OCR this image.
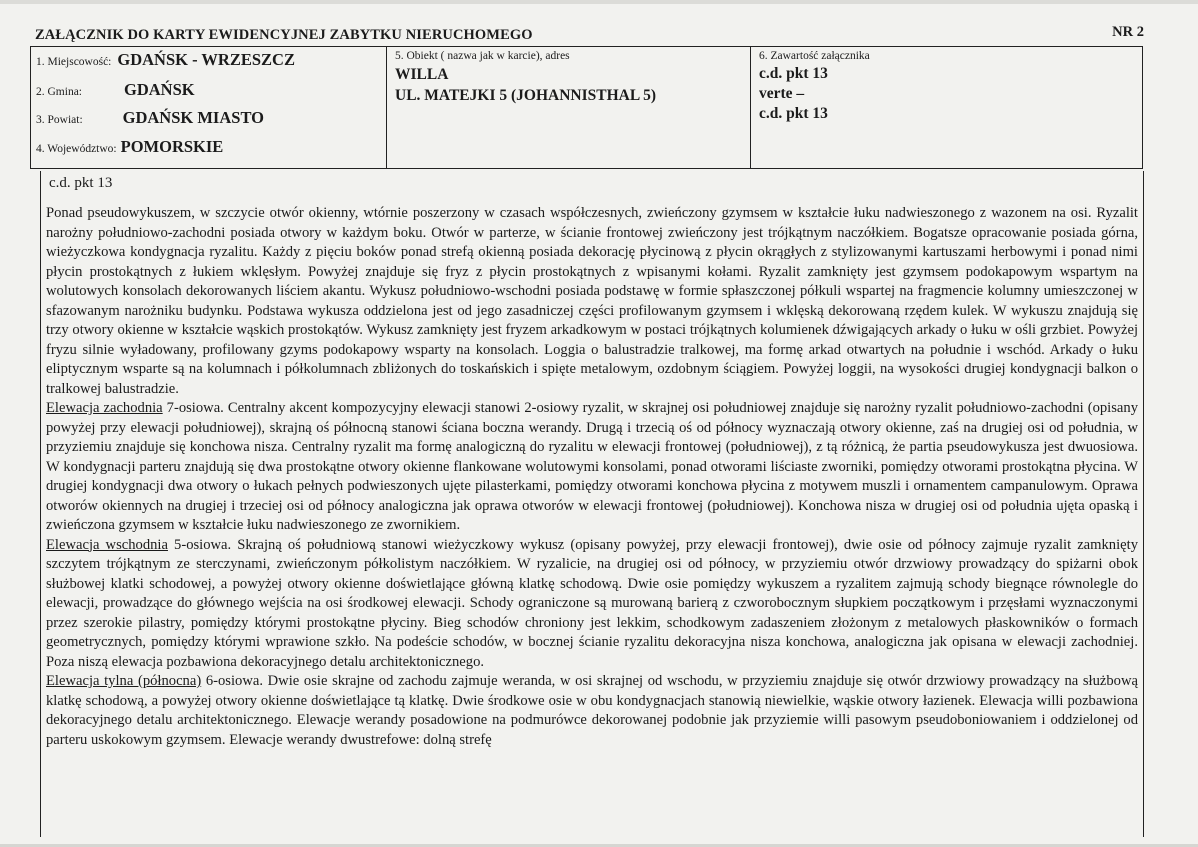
ZAŁĄCZNIK DO KARTY EWIDENCYJNEJ ZABYTKU NIERUCHOMEGO	NR 2
1. Miejscowość: GDAŃSK - WRZESZCZ
2. Gmina:	GDAŃSK
3. Powiat: GDAŃSK MIASTO
4. Województwo: POMORSKIE
5. Obiekt ( nazwa jak w karcie), adres
WILLA
UL. MATEJKI 5 (JOHANNISTHAL 5)
6. Zawartość załącznika
c.d. pkt 13
verte –
c.d. pkt 13
c.d. pkt 13

Ponad pseudowykuszem, w szczycie otwór okienny, wtórnie poszerzony w czasach współczesnych, zwieńczony gzymsem w kształcie łuku nadwieszonego z wazonem na osi. Ryzalit narożny południowo-zachodni posiada otwory w każdym boku. Otwór w parterze, w ścianie frontowej zwieńczony jest trójkątnym naczółkiem. Bogatsze opracowanie posiada górna, wieżyczkowa kondygnacja ryzalitu. Każdy z pięciu boków ponad strefą okienną posiada dekorację płycinową z płycin okrągłych z stylizowanymi kartuszami herbowymi i ponad nimi płycin prostokątnych z łukiem wklęsłym. Powyżej znajduje się fryz z płycin prostokątnych z wpisanymi kołami. Ryzalit zamknięty jest gzymsem podokapowym wspartym na wolutowych konsolach dekorowanych liściem akantu. Wykusz południowo-wschodni posiada podstawę w formie spłaszczonej półkuli wspartej na fragmencie kolumny umieszczonej w sfazowanym narożniku budynku. Podstawa wykusza oddzielona jest od jego zasadniczej części profilowanym gzymsem i wklęską dekorowaną rzędem kulek. W wykuszu znajdują się trzy otwory okienne w kształcie wąskich prostokątów. Wykusz zamknięty jest fryzem arkadkowym w postaci trójkątnych kolumienek dźwigających arkady o łuku w ośli grzbiet. Powyżej fryzu silnie wyładowany, profilowany gzyms podokapowy wsparty na konsolach. Loggia o balustradzie tralkowej, ma formę arkad otwartych na południe i wschód. Arkady o łuku eliptycznym wsparte są na kolumnach i półkolumnach zbliżonych do toskańskich i spięte metalowym, ozdobnym ściągiem. Powyżej loggii, na wysokości drugiej kondygnacji balkon o tralkowej balustradzie.

Elewacja zachodnia 7-osiowa. Centralny akcent kompozycyjny elewacji stanowi 2-osiowy ryzalit, w skrajnej osi południowej znajduje się narożny ryzalit południowo-zachodni (opisany powyżej przy elewacji południowej), skrajną oś północną stanowi ściana boczna werandy. Drugą i trzecią oś od północy wyznaczają otwory okienne, zaś na drugiej osi od południa, w przyziemiu znajduje się konchowa nisza. Centralny ryzalit ma formę analogiczną do ryzalitu w elewacji frontowej (południowej), z tą różnicą, że partia pseudowykusza jest dwuosiowa. W kondygnacji parteru znajdują się dwa prostokątne otwory okienne flankowane wolutowymi konsolami, ponad otworami liściaste zworniki, pomiędzy otworami prostokątna płycina. W drugiej kondygnacji dwa otwory o łukach pełnych podwieszonych ujęte pilasterkami, pomiędzy otworami konchowa płycina z motywem muszli i ornamentem campanulowym. Oprawa otworów okiennych na drugiej i trzeciej osi od północy analogiczna jak oprawa otworów w elewacji frontowej (południowej). Konchowa nisza w drugiej osi od południa ujęta opaską i zwieńczona gzymsem w kształcie łuku nadwieszonego ze zwornikiem.

Elewacja wschodnia 5-osiowa. Skrajną oś południową stanowi wieżyczkowy wykusz (opisany powyżej, przy elewacji frontowej), dwie osie od północy zajmuje ryzalit zamknięty szczytem trójkątnym ze sterczynami, zwieńczonym półkolistym naczółkiem. W ryzalicie, na drugiej osi od północy, w przyziemiu otwór drzwiowy prowadzący do spiżarni obok służbowej klatki schodowej, a powyżej otwory okienne doświetlające główną klatkę schodową. Dwie osie pomiędzy wykuszem a ryzalitem zajmują schody biegnące równolegle do elewacji, prowadzące do głównego wejścia na osi środkowej elewacji. Schody ograniczone są murowaną barierą z czworobocznym słupkiem początkowym i przęsłami wyznaczonymi przez szerokie pilastry, pomiędzy którymi prostokątne płyciny. Bieg schodów chroniony jest lekkim, schodkowym zadaszeniem złożonym z metalowych płaskowników o formach geometrycznych, pomiędzy którymi wprawione szkło. Na podeście schodów, w bocznej ścianie ryzalitu dekoracyjna nisza konchowa, analogiczna jak opisana w elewacji zachodniej. Poza niszą elewacja pozbawiona dekoracyjnego detalu architektonicznego.

Elewacja tylna (północna) 6-osiowa. Dwie osie skrajne od zachodu zajmuje weranda, w osi skrajnej od wschodu, w przyziemiu znajduje się otwór drzwiowy prowadzący na służbową klatkę schodową, a powyżej otwory okienne doświetlające tą klatkę. Dwie środkowe osie w obu kondygnacjach stanowią niewielkie, wąskie otwory łazienek. Elewacja willi pozbawiona dekoracyjnego detalu architektonicznego. Elewacje werandy posadowione na podmurówce dekorowanej podobnie jak przyziemie willi pasowym pseudoboniowaniem i oddzielonej od parteru uskokowym gzymsem. Elewacje werandy dwustrefowe: dolną strefę
